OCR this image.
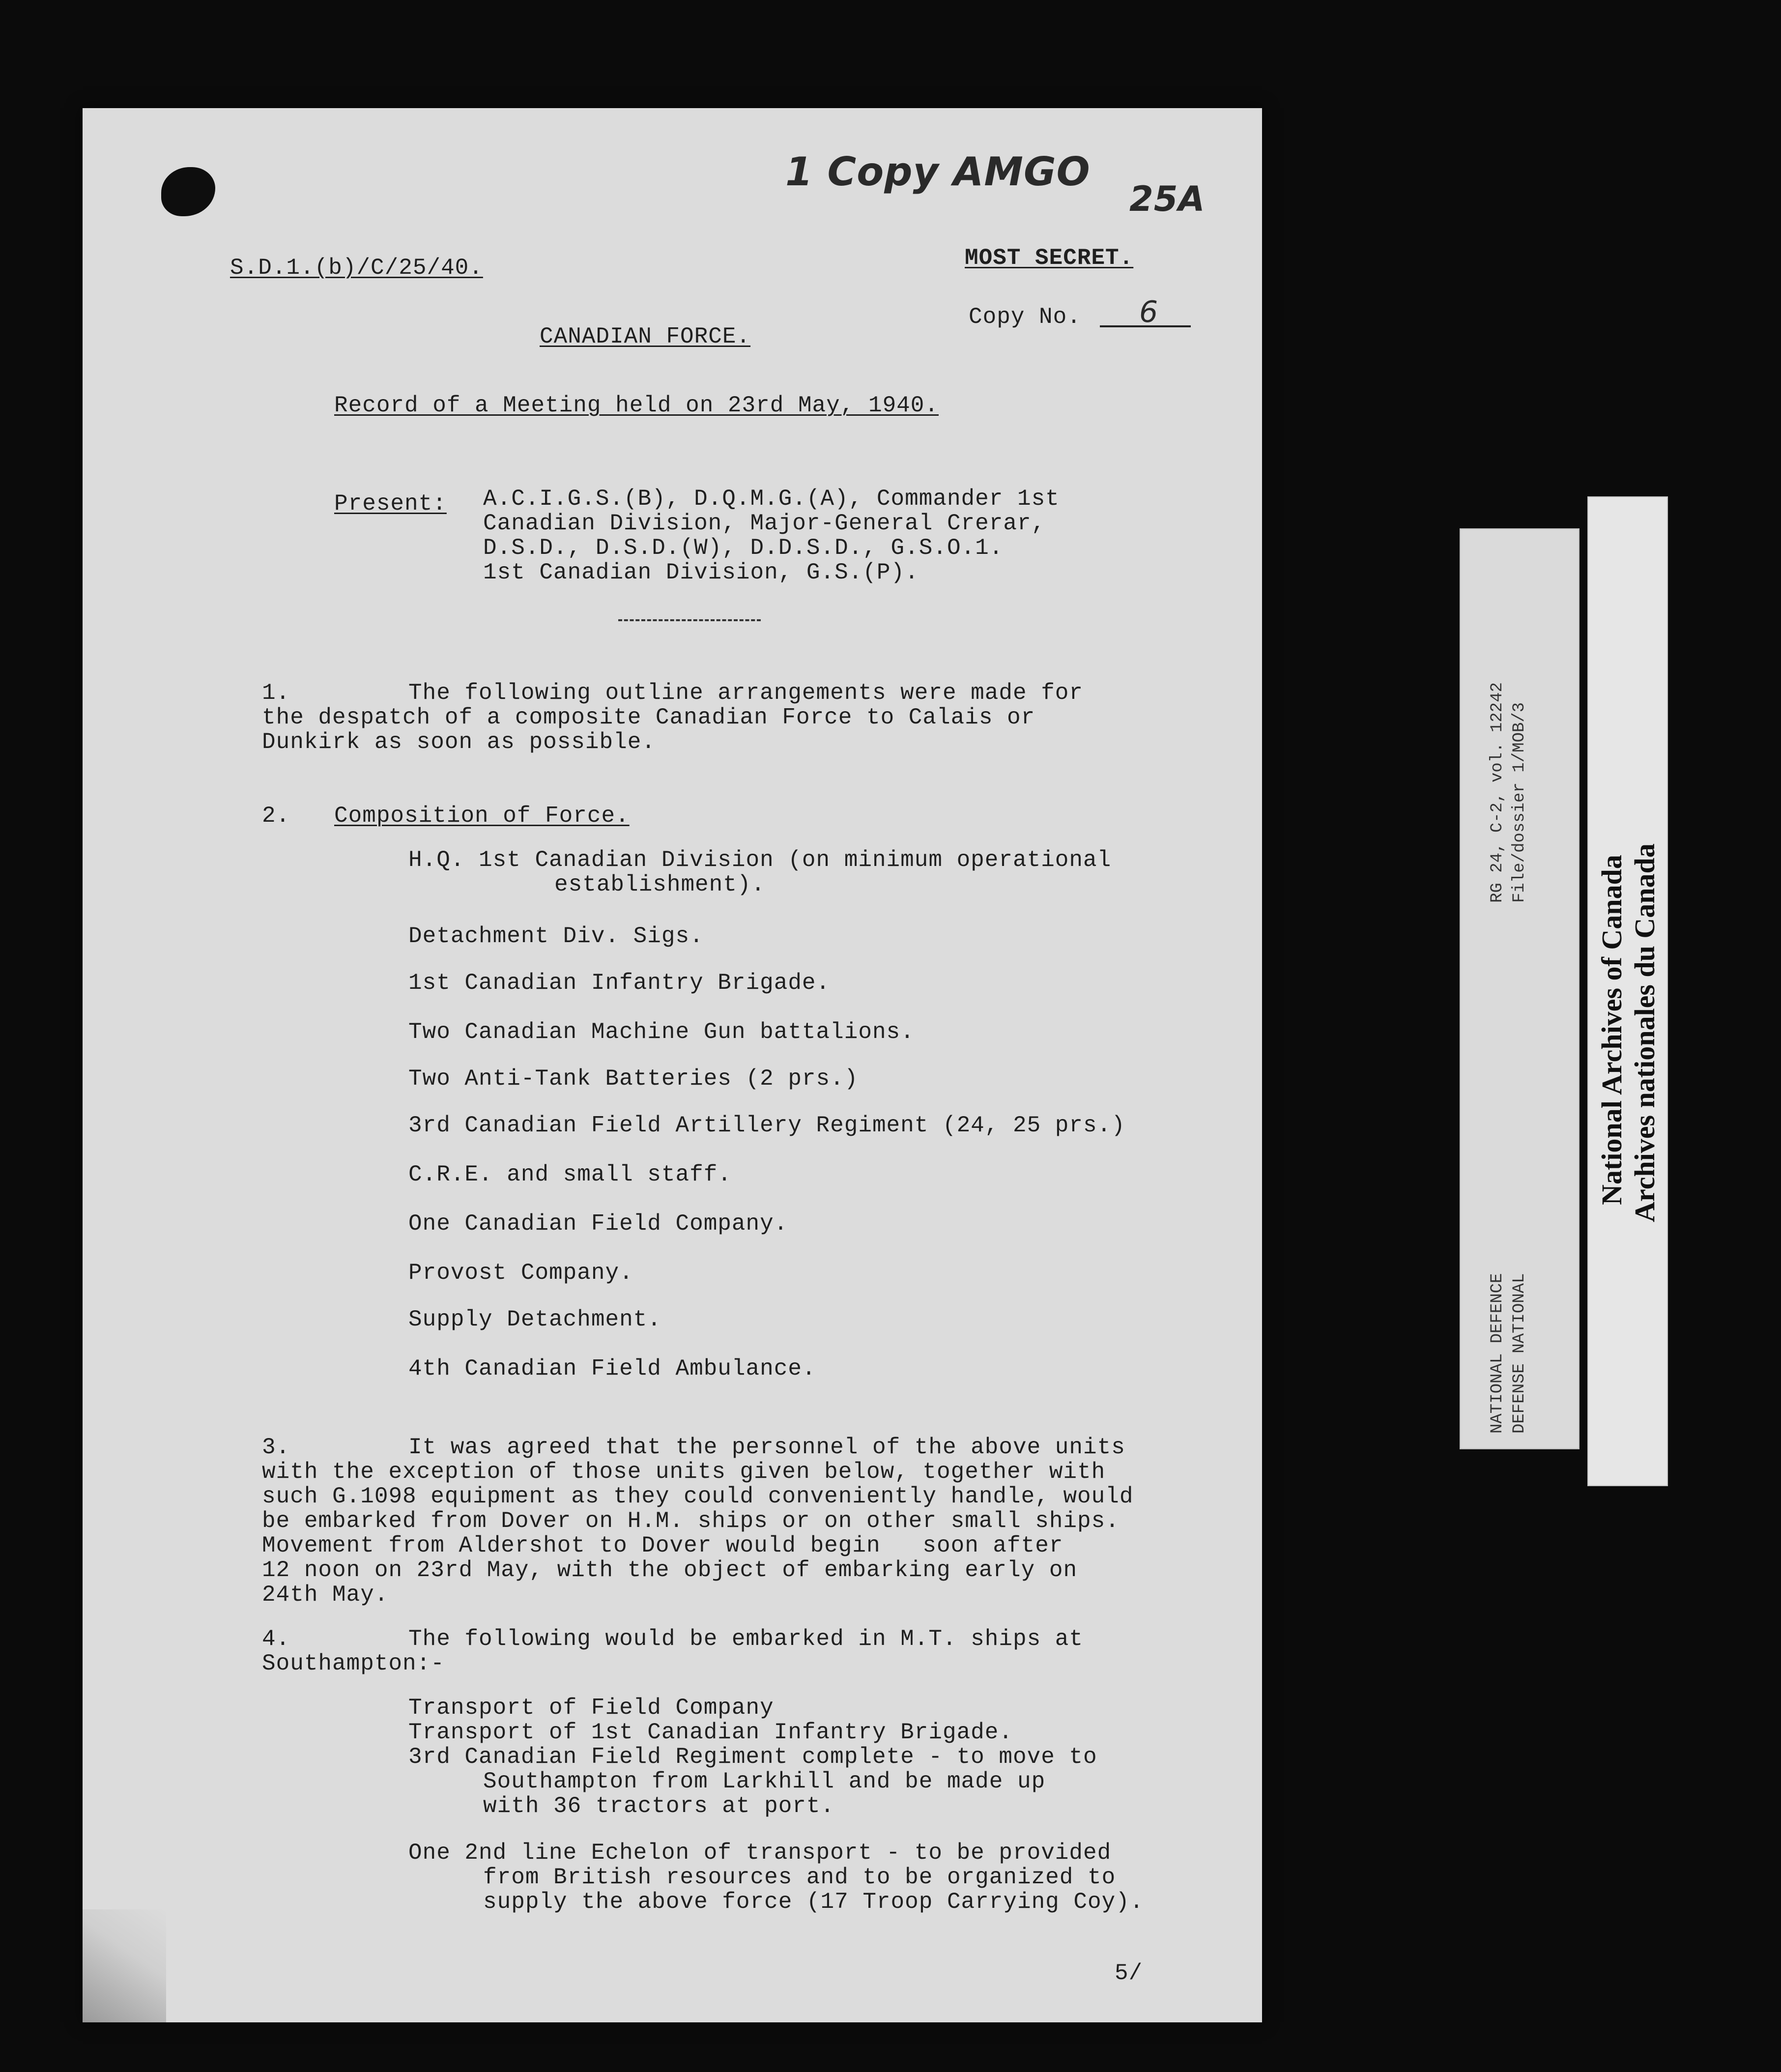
1 Copy AMGO
25A
S.D.1.(b)/C/25/40.	MOST SECRET.
Copy No. 6
CANADIAN FORCE.
Record of a Meeting held on 23rd May, 1940.
Present: A.C.I.G.S.(B), D.Q.M.G.(A), Commander 1st
Canadian Division, Major-General Crerar,
D.S.D., D.S.D.(W), D.D.S.D., G.S.O.1.
1st Canadian Division, G.S.(P).
1.	The following outline arrangements were made for
the despatch of a composite Canadian Force to Calais or
Dunkirk as soon as possible.
2. Composition of Force.
H.Q. 1st Canadian Division (on minimum operational
establishment).
Detachment Div. Sigs.
1st Canadian Infantry Brigade.
Two Canadian Machine Gun battalions.
Two Anti-Tank Batteries (2 prs.)
3rd Canadian Field Artillery Regiment (24, 25 prs.)
C.R.E. and small staff.
One Canadian Field Company.
Provost Company.
Supply Detachment.
4th Canadian Field Ambulance.
3.	It was agreed that the personnel of the above units
with the exception of those units given below, together with
such G.1098 equipment as they could conveniently handle, would
be embarked from Dover on H.M. ships or on other small ships.
Movement from Aldershot to Dover would begin   soon after
12 noon on 23rd May, with the object of embarking early on
24th May.
4.	The following would be embarked in M.T. ships at
Southampton:-
Transport of Field Company
Transport of 1st Canadian Infantry Brigade.
3rd Canadian Field Regiment complete - to move to
Southampton from Larkhill and be made up
with 36 tractors at port.
One 2nd line Echelon of transport - to be provided
from British resources and to be organized to
supply the above force (17 Troop Carrying Coy).
5/
RG 24, C-2, vol. 12242 File/dossier 1/MOB/3
NATIONAL DEFENCE DEFENSE NATIONAL
National Archives of Canada Archives nationales du Canada
